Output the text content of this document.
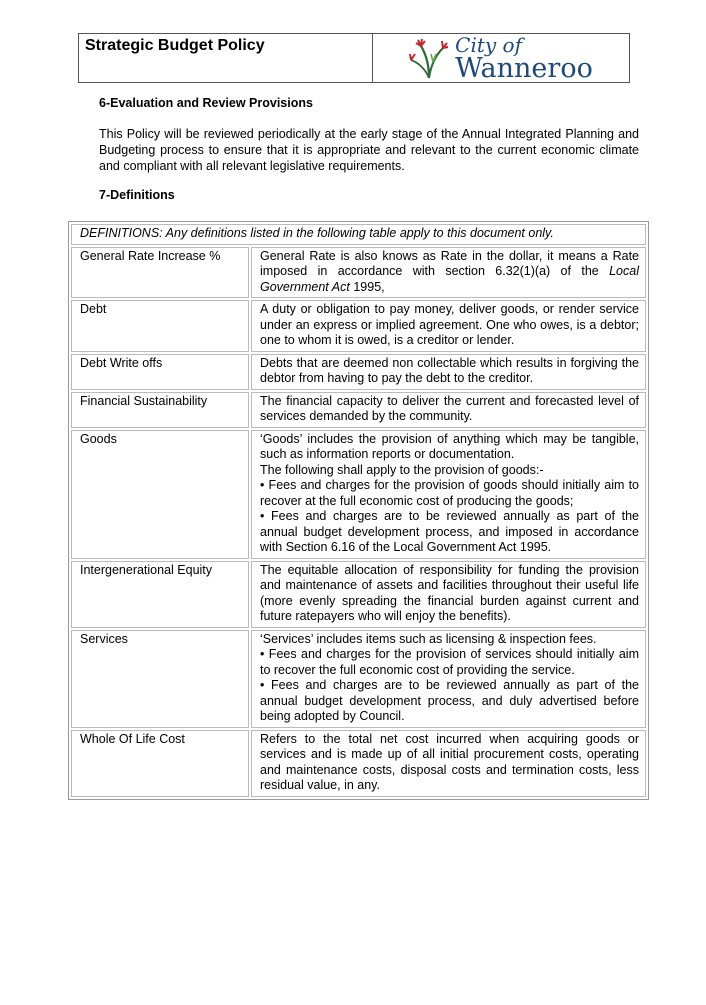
Strategic Budget Policy	City of
Wanneroo
6-Evaluation and Review Provisions

This Policy will be reviewed periodically at the early stage of the Annual Integrated Planning and Budgeting process to ensure that it is appropriate and relevant to the current economic climate and compliant with all relevant legislative requirements.

7-Definitions
DEFINITIONS: Any definitions listed in the following table apply to this document only.	
General Rate Increase %	General Rate is also knows as Rate in the dollar, it means a Rate imposed in accordance with section 6.32(1)(a) of the Local Government Act 1995,
Debt	A duty or obligation to pay money, deliver goods, or render service under an express or implied agreement. One who owes, is a debtor; one to whom it is owed, is a creditor or lender.
Debt Write offs	Debts that are deemed non collectable which results in forgiving the debtor from having to pay the debt to the creditor.
Financial Sustainability	The financial capacity to deliver the current and forecasted level of services demanded by the community.
Goods	‘Goods’ includes the provision of anything which may be tangible, such as information reports or documentation.
The following shall apply to the provision of goods:-
• Fees and charges for the provision of goods should initially aim to recover at the full economic cost of producing the goods;
• Fees and charges are to be reviewed annually as part of the annual budget development process, and imposed in accordance with Section 6.16 of the Local Government Act 1995.

Intergenerational Equity	The equitable allocation of responsibility for funding the provision and maintenance of assets and facilities throughout their useful life (more evenly spreading the financial burden against current and future ratepayers who will enjoy the benefits).
Services	‘Services’ includes items such as licensing & inspection fees.
• Fees and charges for the provision of services should initially aim to recover the full economic cost of providing the service.
• Fees and charges are to be reviewed annually as part of the annual budget development process, and duly advertised before being adopted by Council.

Whole Of Life Cost	Refers to the total net cost incurred when acquiring goods or services and is made up of all initial procurement costs, operating and maintenance costs, disposal costs and termination costs, less residual value, in any.
